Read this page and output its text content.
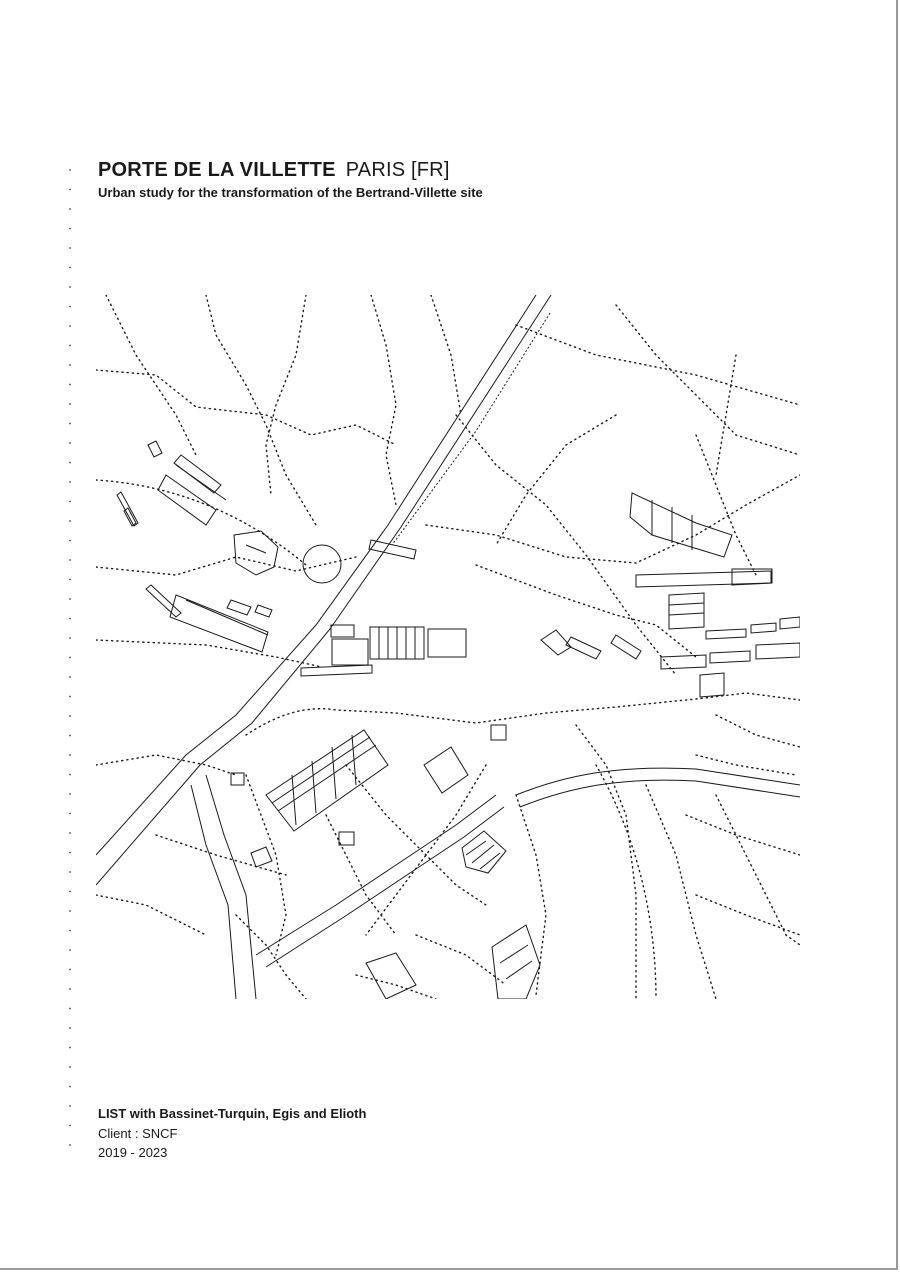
PORTE DE LA VILLETTE PARIS [FR]
Urban study for the transformation of the Bertrand-Villette site
LIST with Bassinet-Turquin, Egis and Elioth
Client : SNCF
2019 - 2023
